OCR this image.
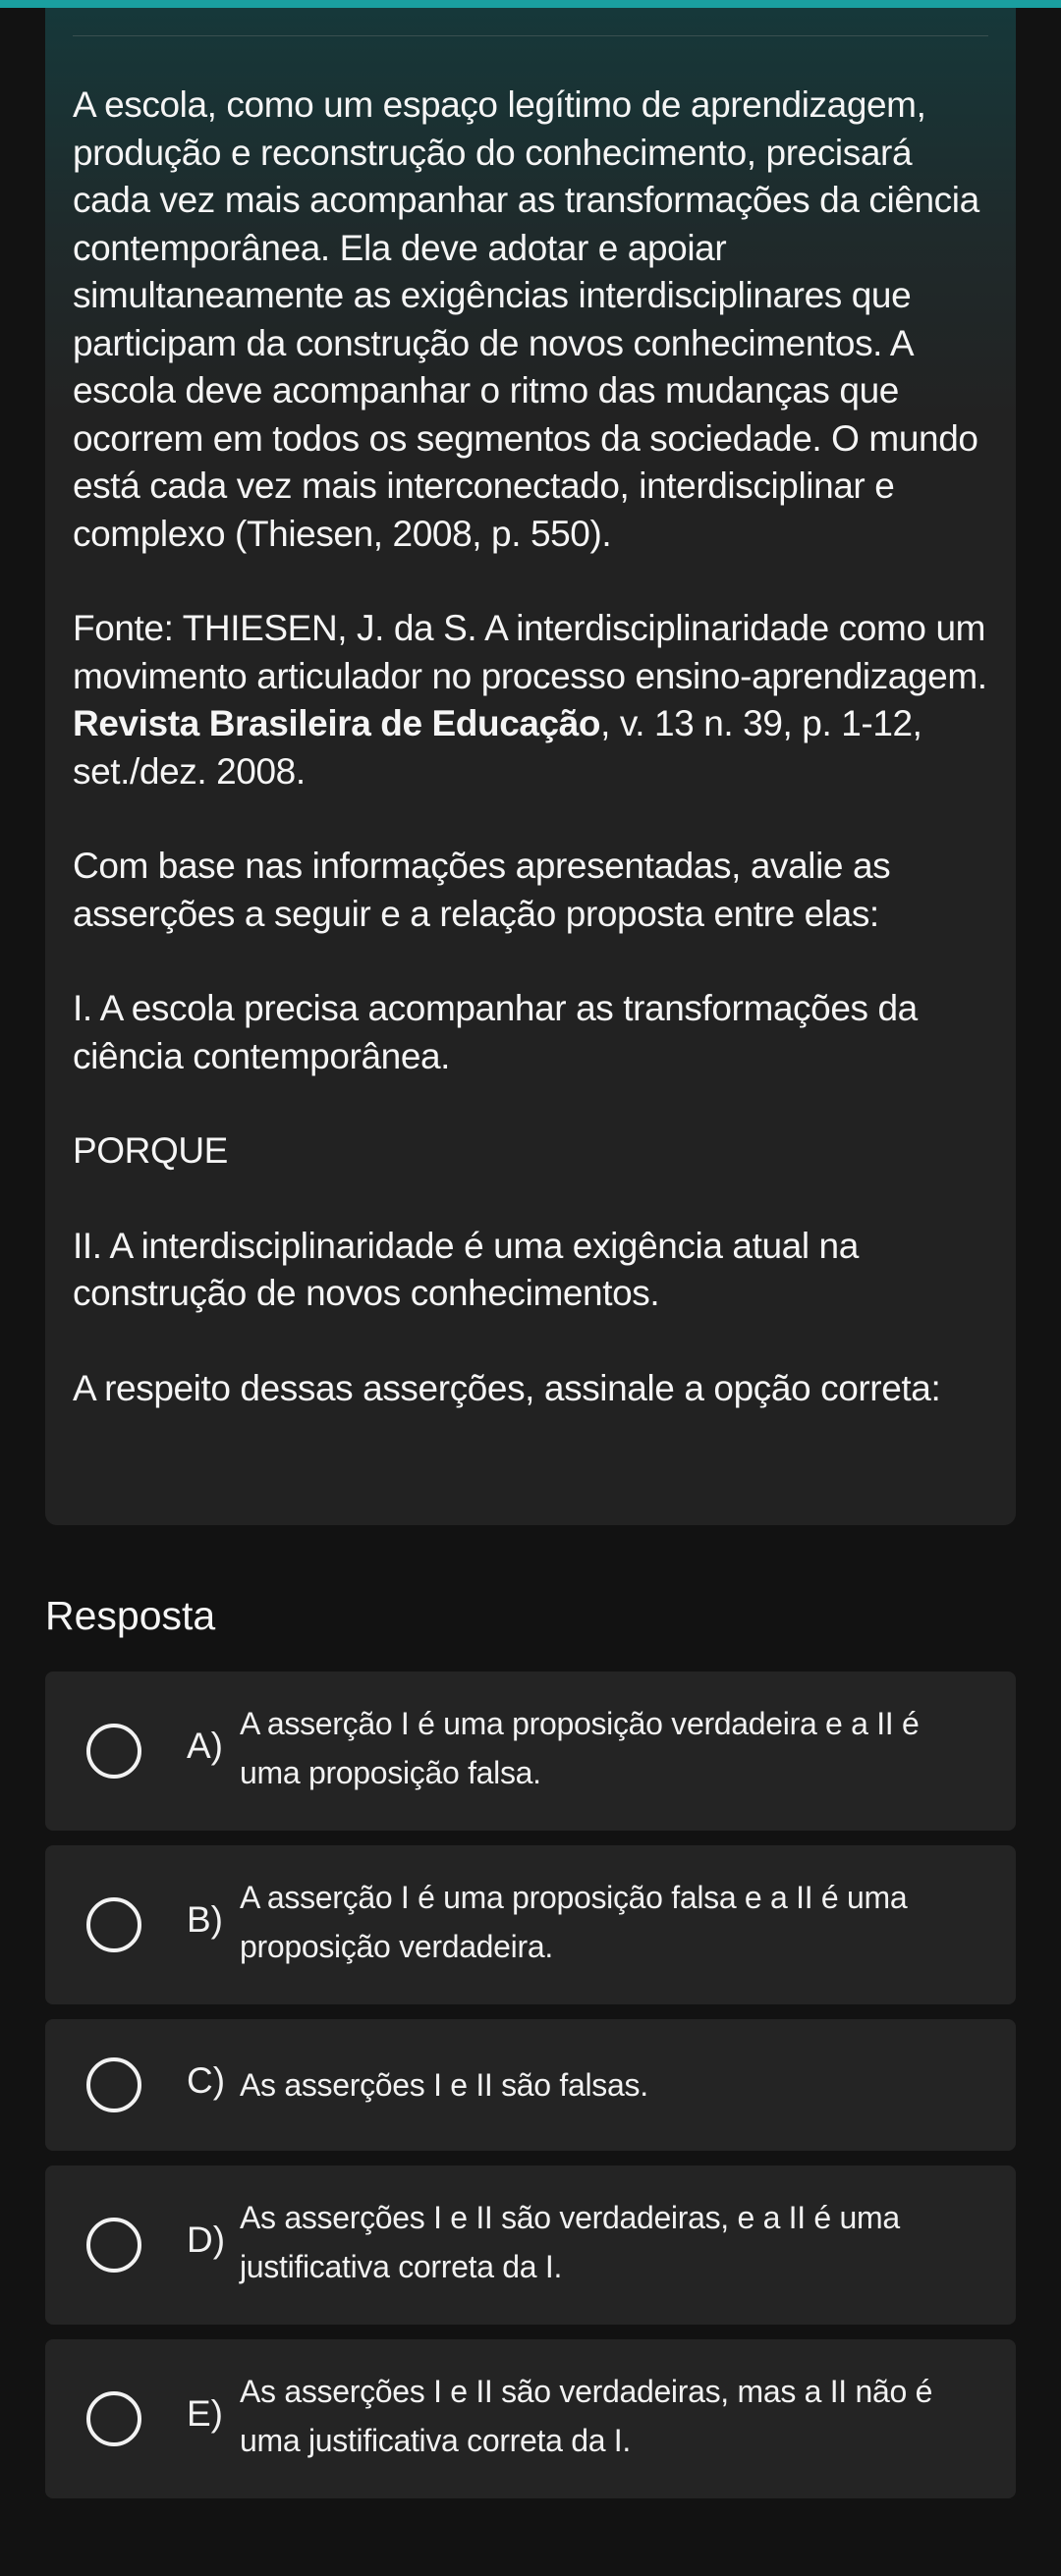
A escola, como um espaço legítimo de aprendizagem, produção e reconstrução do conhecimento, precisará cada vez mais acompanhar as transformações da ciência contemporânea. Ela deve adotar e apoiar simultaneamente as exigências interdisciplinares que participam da construção de novos conhecimentos. A escola deve acompanhar o ritmo das mudanças que ocorrem em todos os segmentos da sociedade. O mundo está cada vez mais interconectado, interdisciplinar e complexo (Thiesen, 2008, p. 550).

Fonte: THIESEN, J. da S. A interdisciplinaridade como um movimento articulador no processo ensino-aprendizagem. Revista Brasileira de Educação, v. 13 n. 39, p. 1-12, set./dez. 2008.

Com base nas informações apresentadas, avalie as asserções a seguir e a relação proposta entre elas:

I. A escola precisa acompanhar as transformações da ciência contemporânea.

PORQUE

II. A interdisciplinaridade é uma exigência atual na construção de novos conhecimentos.

A respeito dessas asserções, assinale a opção correta:

Resposta
A)
A asserção I é uma proposição verdadeira e a II é uma proposição falsa.
B)
A asserção I é uma proposição falsa e a II é uma proposição verdadeira.
C) As asserções I e II são falsas.
D)
As asserções I e II são verdadeiras, e a II é uma justificativa correta da I.
E)
As asserções I e II são verdadeiras, mas a II não é uma justificativa correta da I.
